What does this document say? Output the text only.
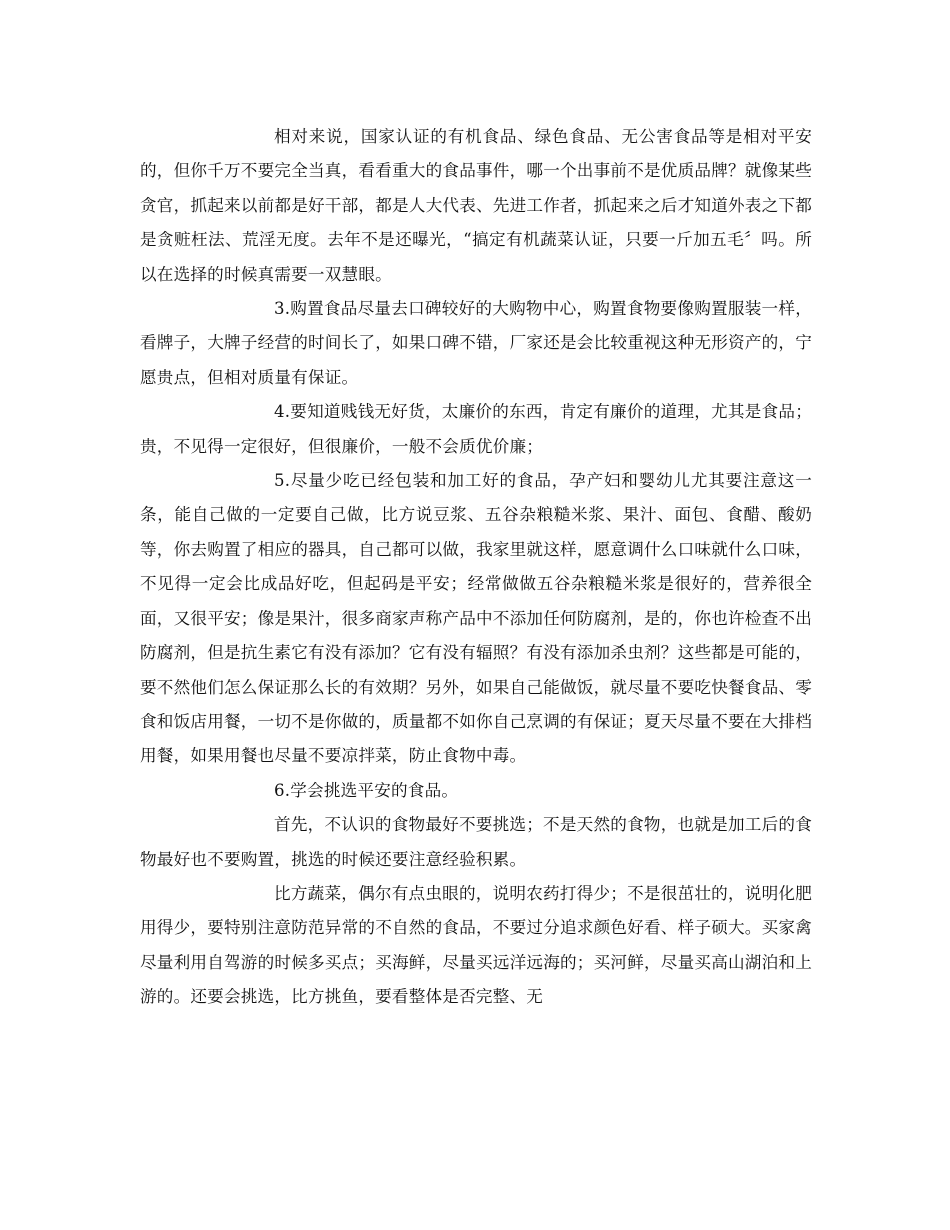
相对来说，国家认证的有机食品、绿色食品、无公害食品等是相对平安的，但你千万不要完全当真，看看重大的食品事件，哪一个出事前不是优质品牌？就像某些贪官，抓起来以前都是好干部，都是人大代表、先进工作者，抓起来之后才知道外表之下都是贪赃枉法、荒淫无度。去年不是还曝光，“搞定有机蔬菜认证，只要一斤加五毛〞吗。所以在选择的时候真需要一双慧眼。

3.购置食品尽量去口碑较好的大购物中心，购置食物要像购置服装一样，看牌子，大牌子经营的时间长了，如果口碑不错，厂家还是会比较重视这种无形资产的，宁愿贵点，但相对质量有保证。

4.要知道贱钱无好货，太廉价的东西，肯定有廉价的道理，尤其是食品；贵，不见得一定很好，但很廉价，一般不会质优价廉；

5.尽量少吃已经包装和加工好的食品，孕产妇和婴幼儿尤其要注意这一条，能自己做的一定要自己做，比方说豆浆、五谷杂粮糙米浆、果汁、面包、食醋、酸奶等，你去购置了相应的器具，自己都可以做，我家里就这样，愿意调什么口味就什么口味，不见得一定会比成品好吃，但起码是平安；经常做做五谷杂粮糙米浆是很好的，营养很全面，又很平安；像是果汁，很多商家声称产品中不添加任何防腐剂，是的，你也许检查不出防腐剂，但是抗生素它有没有添加？它有没有辐照？有没有添加杀虫剂？这些都是可能的，要不然他们怎么保证那么长的有效期？另外，如果自己能做饭，就尽量不要吃快餐食品、零食和饭店用餐，一切不是你做的，质量都不如你自己烹调的有保证；夏天尽量不要在大排档用餐，如果用餐也尽量不要凉拌菜，防止食物中毒。

6.学会挑选平安的食品。

首先，不认识的食物最好不要挑选；不是天然的食物，也就是加工后的食物最好也不要购置，挑选的时候还要注意经验积累。

比方蔬菜，偶尔有点虫眼的，说明农药打得少；不是很茁壮的，说明化肥用得少，要特别注意防范异常的不自然的食品，不要过分追求颜色好看、样子硕大。买家禽尽量利用自驾游的时候多买点；买海鲜，尽量买远洋远海的；买河鲜，尽量买高山湖泊和上游的。还要会挑选，比方挑鱼，要看整体是否完整、无
